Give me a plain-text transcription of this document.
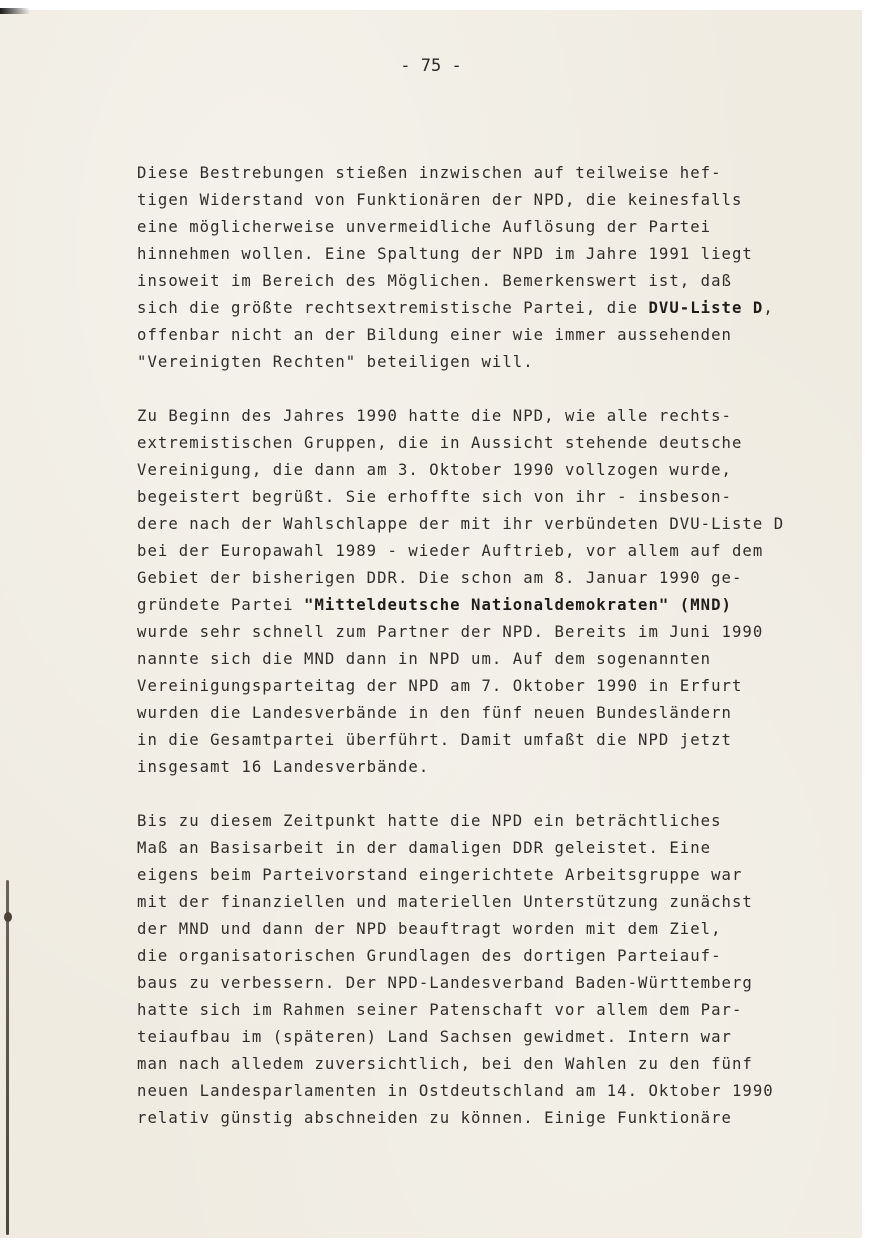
- 75 -
Diese Bestrebungen stießen inzwischen auf teilweise hef-
tigen Widerstand von Funktionären der NPD, die keinesfalls
eine möglicherweise unvermeidliche Auflösung der Partei
hinnehmen wollen. Eine Spaltung der NPD im Jahre 1991 liegt
insoweit im Bereich des Möglichen. Bemerkenswert ist, daß
sich die größte rechtsextremistische Partei, die DVU-Liste D,
offenbar nicht an der Bildung einer wie immer aussehenden
"Vereinigten Rechten" beteiligen will.
Zu Beginn des Jahres 1990 hatte die NPD, wie alle rechts-
extremistischen Gruppen, die in Aussicht stehende deutsche
Vereinigung, die dann am 3. Oktober 1990 vollzogen wurde,
begeistert begrüßt. Sie erhoffte sich von ihr - insbeson-
dere nach der Wahlschlappe der mit ihr verbündeten DVU-Liste D
bei der Europawahl 1989 - wieder Auftrieb, vor allem auf dem
Gebiet der bisherigen DDR. Die schon am 8. Januar 1990 ge-
gründete Partei "Mitteldeutsche Nationaldemokraten" (MND)
wurde sehr schnell zum Partner der NPD. Bereits im Juni 1990
nannte sich die MND dann in NPD um. Auf dem sogenannten
Vereinigungsparteitag der NPD am 7. Oktober 1990 in Erfurt
wurden die Landesverbände in den fünf neuen Bundesländern
in die Gesamtpartei überführt. Damit umfaßt die NPD jetzt
insgesamt 16 Landesverbände.
Bis zu diesem Zeitpunkt hatte die NPD ein beträchtliches
Maß an Basisarbeit in der damaligen DDR geleistet. Eine
eigens beim Parteivorstand eingerichtete Arbeitsgruppe war
mit der finanziellen und materiellen Unterstützung zunächst
der MND und dann der NPD beauftragt worden mit dem Ziel,
die organisatorischen Grundlagen des dortigen Parteiauf-
baus zu verbessern. Der NPD-Landesverband Baden-Württemberg
hatte sich im Rahmen seiner Patenschaft vor allem dem Par-
teiaufbau im (späteren) Land Sachsen gewidmet. Intern war
man nach alledem zuversichtlich, bei den Wahlen zu den fünf
neuen Landesparlamenten in Ostdeutschland am 14. Oktober 1990
relativ günstig abschneiden zu können. Einige Funktionäre
